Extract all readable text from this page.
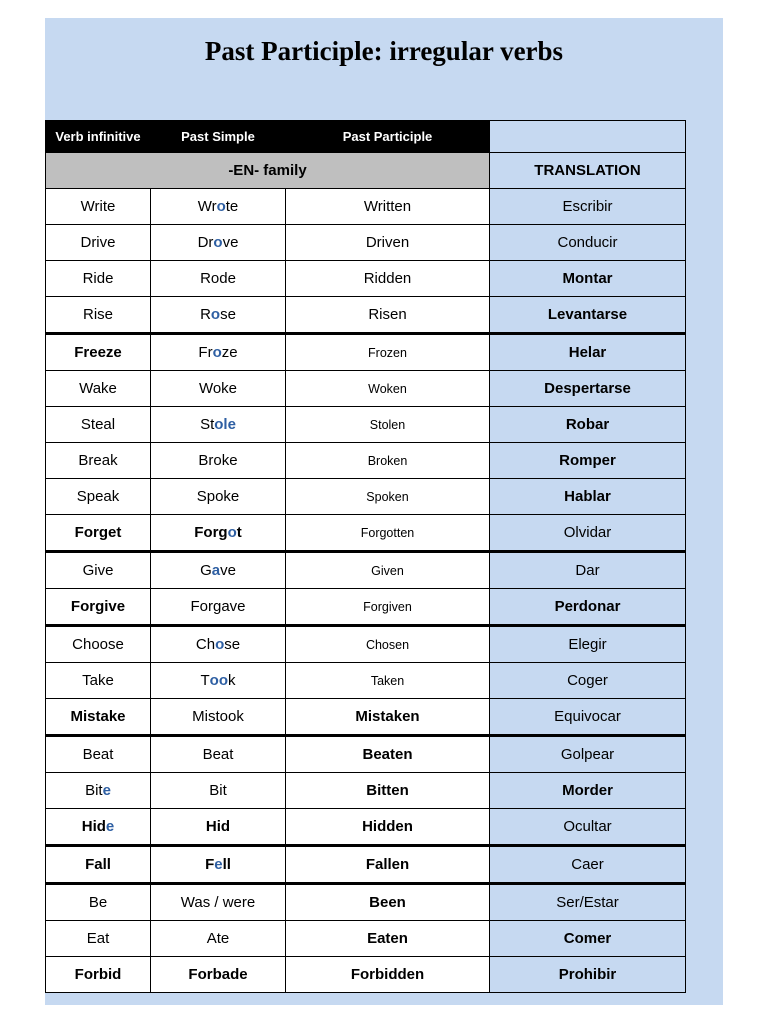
Past Participle: irregular verbs
Verb infinitive	Past Simple	Past Participle	
-EN- family			TRANSLATION
Write	Wrote	Written	Escribir
Drive	Drove	Driven	Conducir
Ride	Rode	Ridden	Montar
Rise	Rose	Risen	Levantarse
Freeze	Froze	Frozen	Helar
Wake	Woke	Woken	Despertarse
Steal	Stole	Stolen	Robar
Break	Broke	Broken	Romper
Speak	Spoke	Spoken	Hablar
Forget	Forgot	Forgotten	Olvidar
Give	Gave	Given	Dar
Forgive	Forgave	Forgiven	Perdonar
Choose	Chose	Chosen	Elegir
Take	Took	Taken	Coger
Mistake	Mistook	Mistaken	Equivocar
Beat	Beat	Beaten	Golpear
Bite	Bit	Bitten	Morder
Hide	Hid	Hidden	Ocultar
Fall	Fell	Fallen	Caer
Be	Was / were	Been	Ser/Estar
Eat	Ate	Eaten	Comer
Forbid	Forbade	Forbidden	Prohibir
